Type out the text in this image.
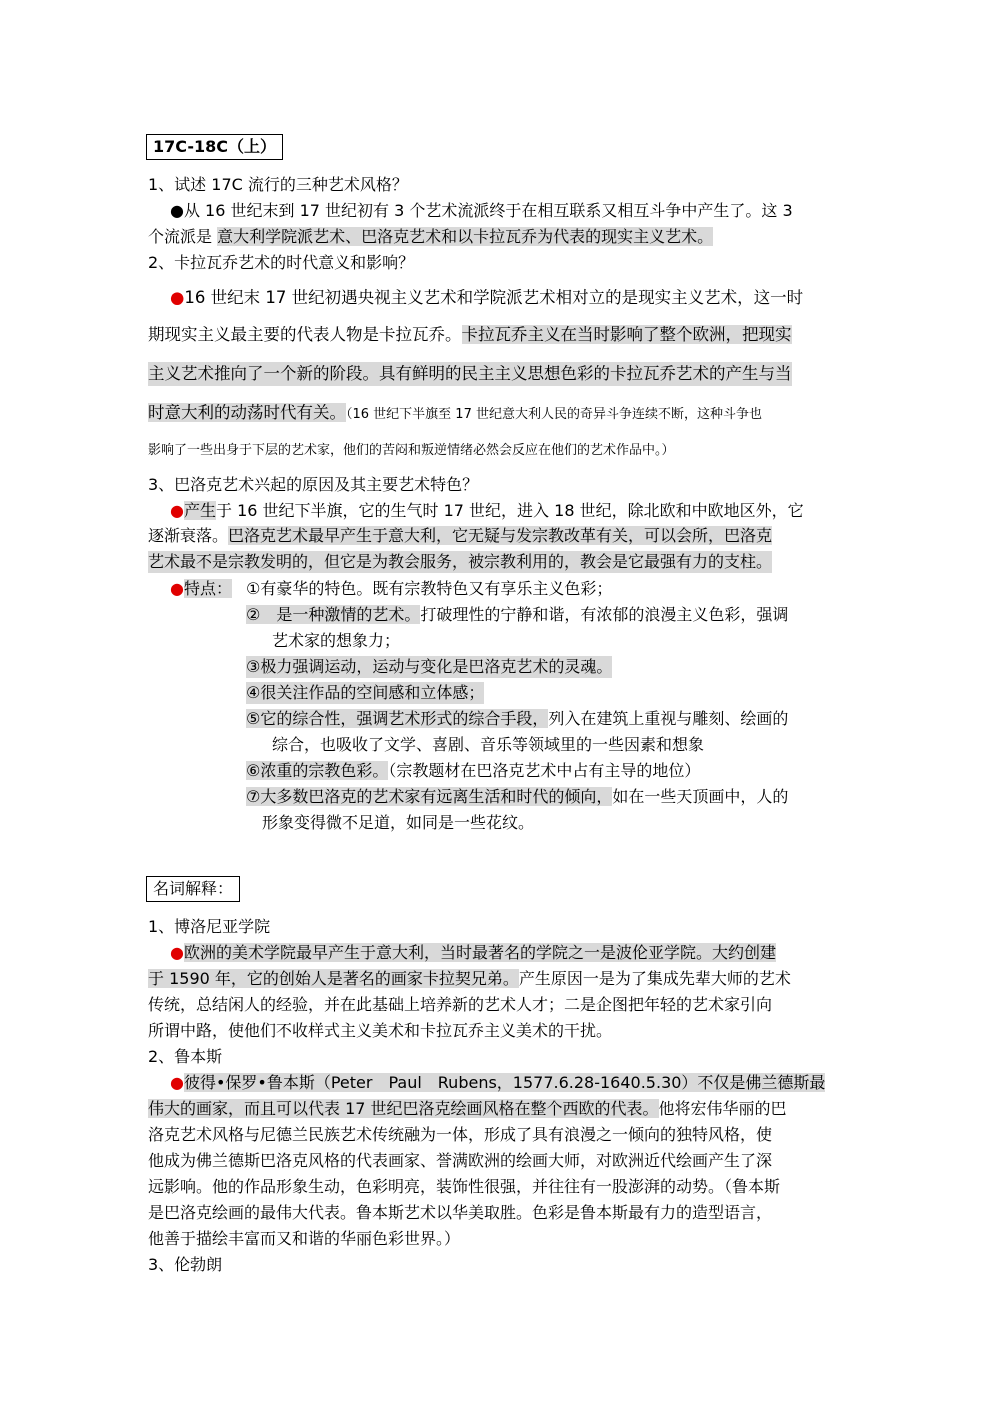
17C-18C（上）
1、试述 17C 流行的三种艺术风格？
●从 16 世纪末到 17 世纪初有 3 个艺术流派终于在相互联系又相互斗争中产生了。这 3
个流派是 意大利学院派艺术、巴洛克艺术和以卡拉瓦乔为代表的现实主义艺术。
2、卡拉瓦乔艺术的时代意义和影响？
●16 世纪末 17 世纪初遇央视主义艺术和学院派艺术相对立的是现实主义艺术，这一时
期现实主义最主要的代表人物是卡拉瓦乔。卡拉瓦乔主义在当时影响了整个欧洲，把现实
主义艺术推向了一个新的阶段。具有鲜明的民主主义思想色彩的卡拉瓦乔艺术的产生与当
时意大利的动荡时代有关。（16 世纪下半旗至 17 世纪意大利人民的奇异斗争连续不断，这种斗争也
影响了一些出身于下层的艺术家，他们的苦闷和叛逆情绪必然会反应在他们的艺术作品中。）
3、巴洛克艺术兴起的原因及其主要艺术特色？
●产生于 16 世纪下半旗，它的生气时 17 世纪，进入 18 世纪，除北欧和中欧地区外，它
逐渐衰落。巴洛克艺术最早产生于意大利，它无疑与发宗教改革有关，可以会所，巴洛克
艺术最不是宗教发明的，但它是为教会服务，被宗教利用的，教会是它最强有力的支柱。
●特点： ①有豪华的特色。既有宗教特色又有享乐主义色彩；
②　是一种激情的艺术。打破理性的宁静和谐，有浓郁的浪漫主义色彩，强调
艺术家的想象力；
③极力强调运动，运动与变化是巴洛克艺术的灵魂。
④很关注作品的空间感和立体感；
⑤它的综合性，强调艺术形式的综合手段，列入在建筑上重视与雕刻、绘画的
综合，也吸收了文学、喜剧、音乐等领域里的一些因素和想象
⑥浓重的宗教色彩。（宗教题材在巴洛克艺术中占有主导的地位）
⑦大多数巴洛克的艺术家有远离生活和时代的倾向，如在一些天顶画中，人的
形象变得微不足道，如同是一些花纹。
名词解释：
1、博洛尼亚学院
●欧洲的美术学院最早产生于意大利，当时最著名的学院之一是波伦亚学院。大约创建
于 1590 年，它的创始人是著名的画家卡拉契兄弟。产生原因一是为了集成先辈大师的艺术
传统，总结闲人的经验，并在此基础上培养新的艺术人才；二是企图把年轻的艺术家引向
所谓中路，使他们不收样式主义美术和卡拉瓦乔主义美术的干扰。
2、鲁本斯
●彼得•保罗•鲁本斯（Peter　Paul　Rubens，1577.6.28-1640.5.30）不仅是佛兰德斯最
伟大的画家，而且可以代表 17 世纪巴洛克绘画风格在整个西欧的代表。他将宏伟华丽的巴
洛克艺术风格与尼德兰民族艺术传统融为一体，形成了具有浪漫之一倾向的独特风格，使
他成为佛兰德斯巴洛克风格的代表画家、誉满欧洲的绘画大师，对欧洲近代绘画产生了深
远影响。他的作品形象生动，色彩明亮，装饰性很强，并往往有一股澎湃的动势。（鲁本斯
是巴洛克绘画的最伟大代表。鲁本斯艺术以华美取胜。色彩是鲁本斯最有力的造型语言，
他善于描绘丰富而又和谐的华丽色彩世界。）
3、伦勃朗
